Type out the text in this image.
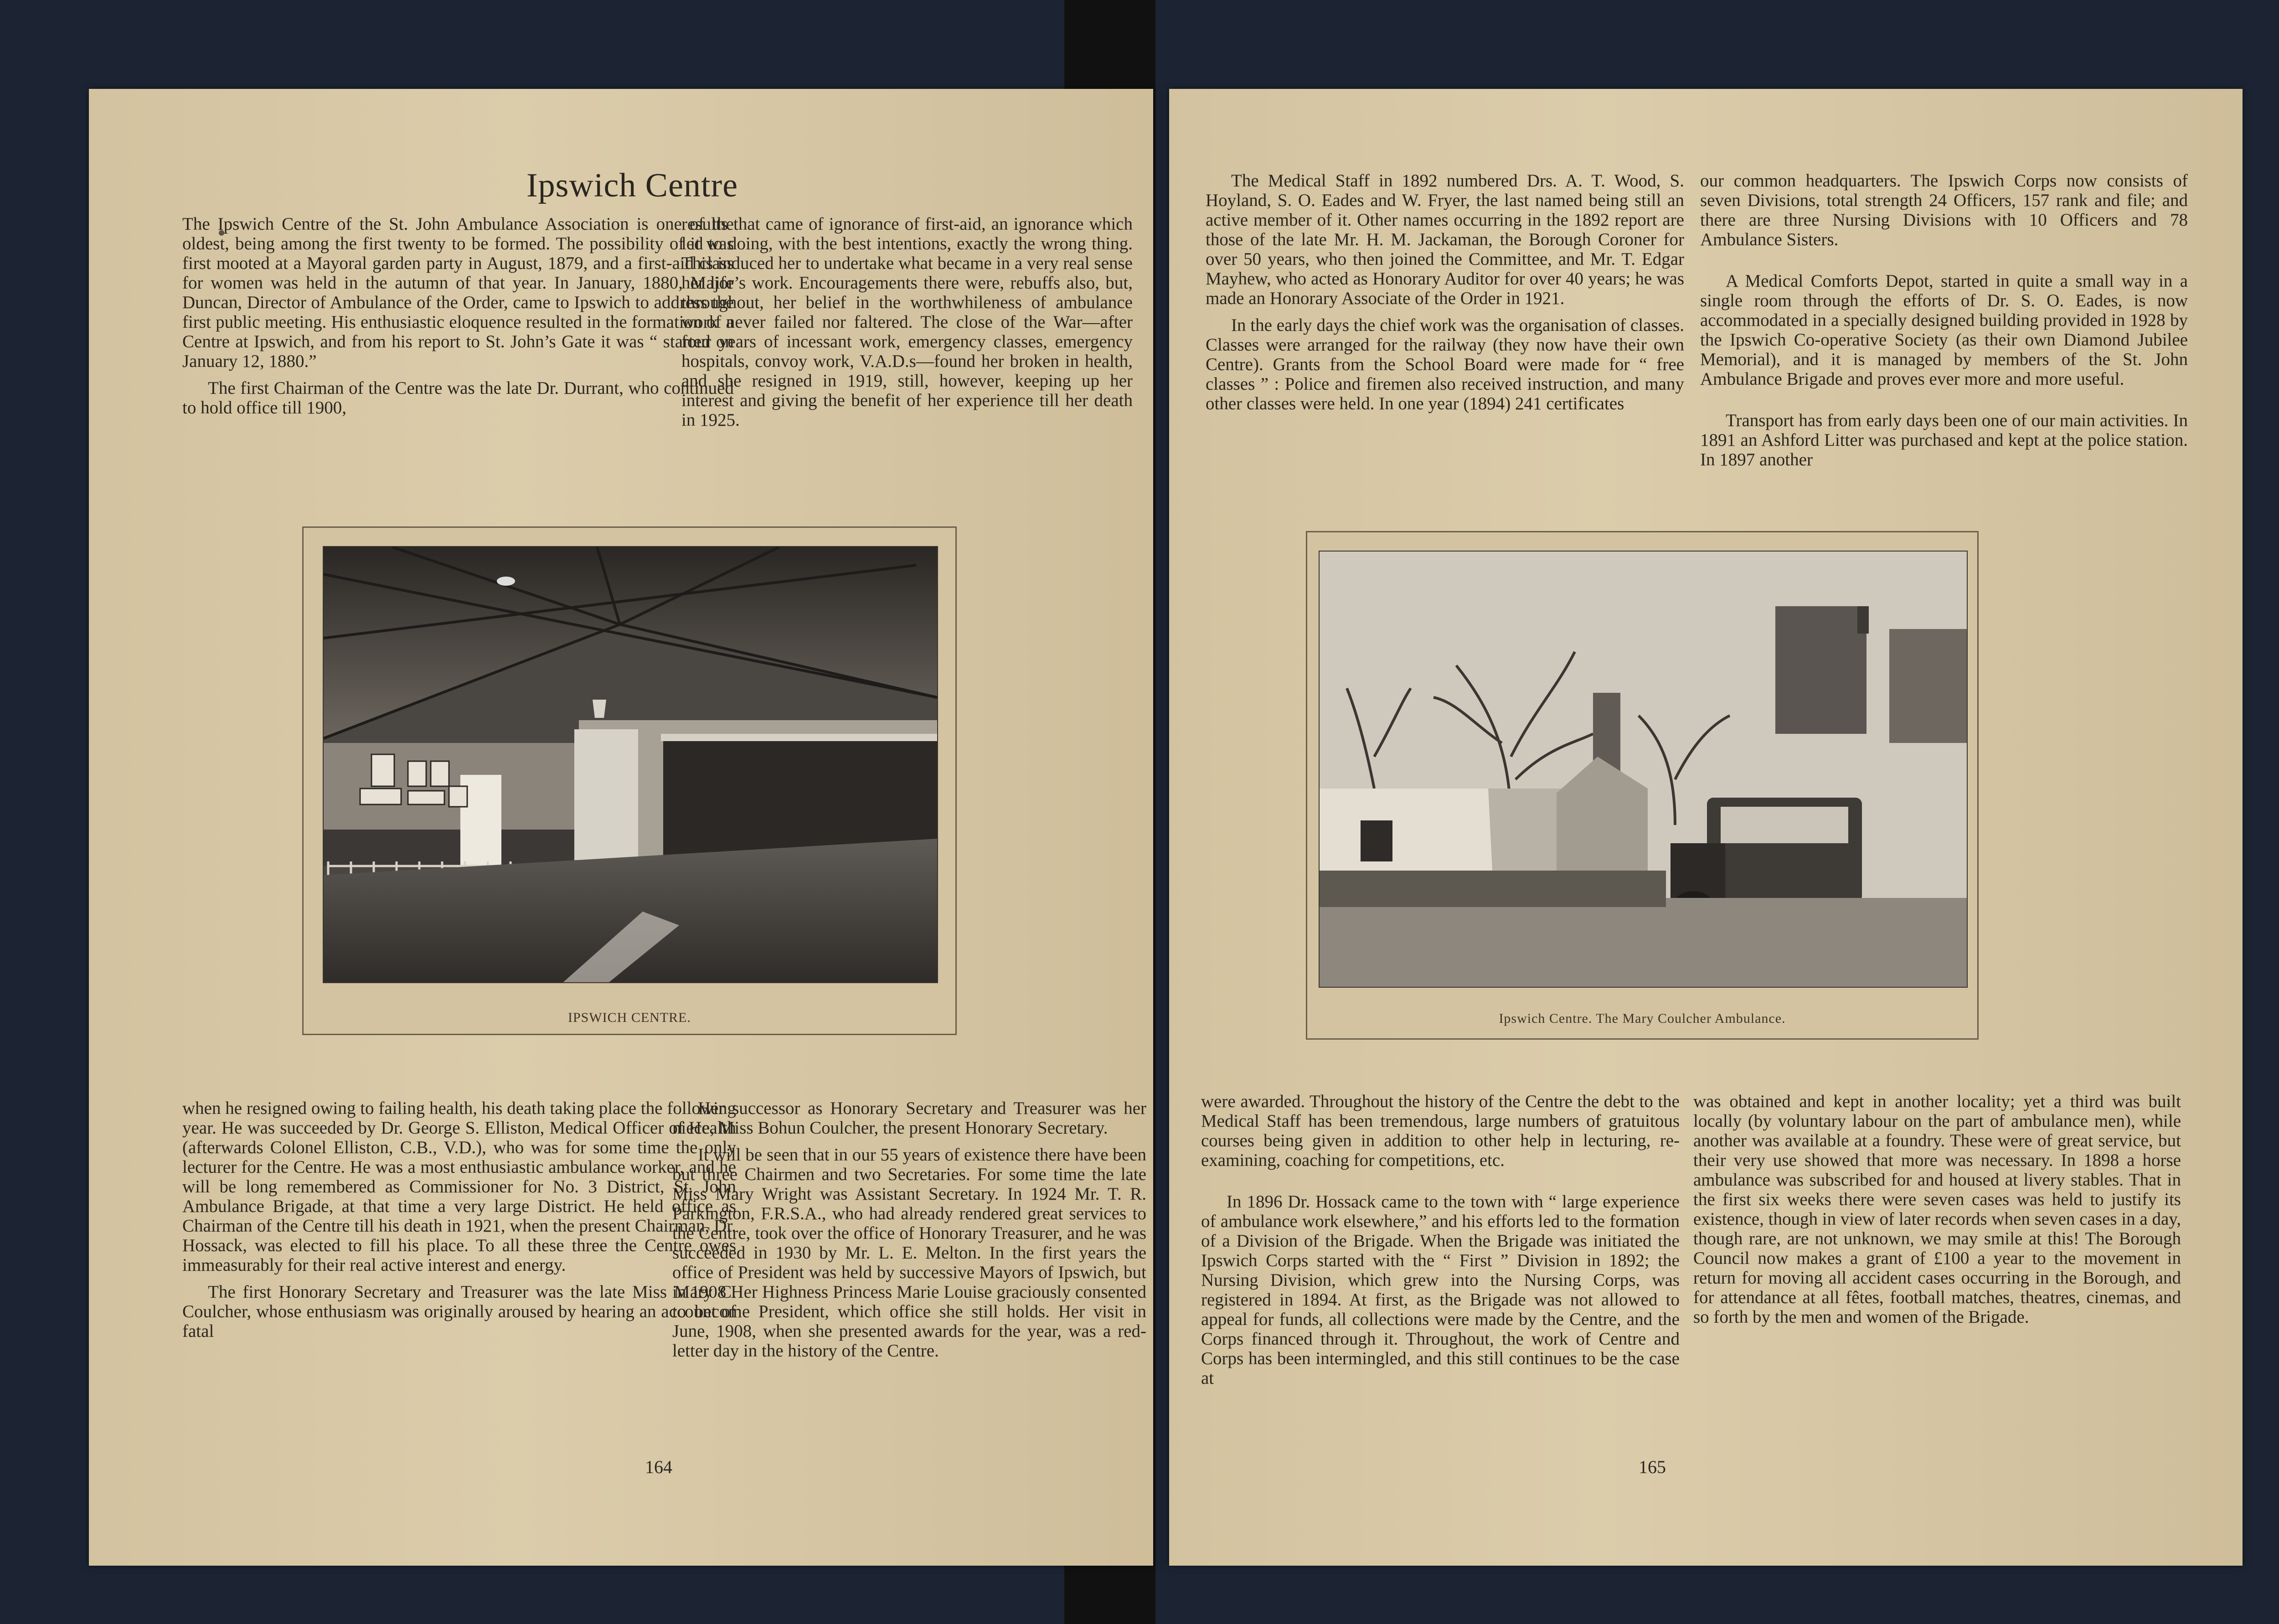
Ipswich Centre

The Ipswich Centre of the St. John Ambulance Association is one of the oldest, being among the first twenty to be formed. The possibility of it was first mooted at a Mayoral garden party in August, 1879, and a first-aid class for women was held in the autumn of that year. In January, 1880, Major Duncan, Director of Ambulance of the Order, came to Ipswich to address the first public meeting. His enthusiastic eloquence resulted in the formation of a Centre at Ipswich, and from his report to St. John’s Gate it was “ started on January 12, 1880.”

The first Chairman of the Centre was the late Dr. Durrant, who continued to hold office till 1900,

results that came of ignorance of first-aid, an ignorance which led to doing, with the best intentions, exactly the wrong thing. This induced her to undertake what became in a very real sense her life’s work. Encouragements there were, rebuffs also, but, throughout, her belief in the worthwhileness of ambulance work never failed nor faltered. The close of the War—after four years of incessant work, emergency classes, emergency hospitals, convoy work, V.A.D.s—found her broken in health, and she resigned in 1919, still, however, keeping up her interest and giving the benefit of her experience till her death in 1925.

IPSWICH CENTRE.

when he resigned owing to failing health, his death taking place the following year. He was succeeded by Dr. George S. Elliston, Medical Officer of Health (afterwards Colonel Elliston, C.B., V.D.), who was for some time the only lecturer for the Centre. He was a most enthusiastic ambulance worker, and he will be long remembered as Commissioner for No. 3 District, St. John Ambulance Brigade, at that time a very large District. He held office as Chairman of the Centre till his death in 1921, when the present Chairman, Dr. Hossack, was elected to fill his place. To all these three the Centre owes immeasurably for their real active interest and energy.

The first Honorary Secretary and Treasurer was the late Miss Mary C. Coulcher, whose enthusiasm was originally aroused by hearing an account of fatal

Her successor as Honorary Secretary and Treasurer was her niece, Miss Bohun Coulcher, the present Honorary Secretary.

It will be seen that in our 55 years of existence there have been but three Chairmen and two Secretaries. For some time the late Miss Mary Wright was Assistant Secretary. In 1924 Mr. T. R. Parkington, F.R.S.A., who had already rendered great services to the Centre, took over the office of Honorary Treasurer, and he was succeeded in 1930 by Mr. L. E. Melton. In the first years the office of President was held by successive Mayors of Ipswich, but in 1908 Her Highness Princess Marie Louise graciously consented to become President, which office she still holds. Her visit in June, 1908, when she presented awards for the year, was a red-letter day in the history of the Centre.

164

The Medical Staff in 1892 numbered Drs. A. T. Wood, S. Hoyland, S. O. Eades and W. Fryer, the last named being still an active member of it. Other names occurring in the 1892 report are those of the late Mr. H. M. Jackaman, the Borough Coroner for over 50 years, who then joined the Committee, and Mr. T. Edgar Mayhew, who acted as Honorary Auditor for over 40 years; he was made an Honorary Associate of the Order in 1921.

In the early days the chief work was the organisation of classes. Classes were arranged for the railway (they now have their own Centre). Grants from the School Board were made for “ free classes ” : Police and firemen also received instruction, and many other classes were held. In one year (1894) 241 certificates

our common headquarters. The Ipswich Corps now consists of seven Divisions, total strength 24 Officers, 157 rank and file; and there are three Nursing Divisions with 10 Officers and 78 Ambulance Sisters.

A Medical Comforts Depot, started in quite a small way in a single room through the efforts of Dr. S. O. Eades, is now accommodated in a specially designed building provided in 1928 by the Ipswich Co-operative Society (as their own Diamond Jubilee Memorial), and it is managed by members of the St. John Ambulance Brigade and proves ever more and more useful.

Transport has from early days been one of our main activities. In 1891 an Ashford Litter was purchased and kept at the police station. In 1897 another

Ipswich Centre. The Mary Coulcher Ambulance.

were awarded. Throughout the history of the Centre the debt to the Medical Staff has been tremendous, large numbers of gratuitous courses being given in addition to other help in lecturing, re-examining, coaching for competitions, etc.

In 1896 Dr. Hossack came to the town with “ large experience of ambulance work elsewhere,” and his efforts led to the formation of a Division of the Brigade. When the Brigade was initiated the Ipswich Corps started with the “ First ” Division in 1892; the Nursing Division, which grew into the Nursing Corps, was registered in 1894. At first, as the Brigade was not allowed to appeal for funds, all collections were made by the Centre, and the Corps financed through it. Throughout, the work of Centre and Corps has been intermingled, and this still continues to be the case at

was obtained and kept in another locality; yet a third was built locally (by voluntary labour on the part of ambulance men), while another was available at a foundry. These were of great service, but their very use showed that more was necessary. In 1898 a horse ambulance was subscribed for and housed at livery stables. That in the first six weeks there were seven cases was held to justify its existence, though in view of later records when seven cases in a day, though rare, are not unknown, we may smile at this! The Borough Council now makes a grant of £100 a year to the movement in return for moving all accident cases occurring in the Borough, and for attendance at all fêtes, football matches, theatres, cinemas, and so forth by the men and women of the Brigade.

165
